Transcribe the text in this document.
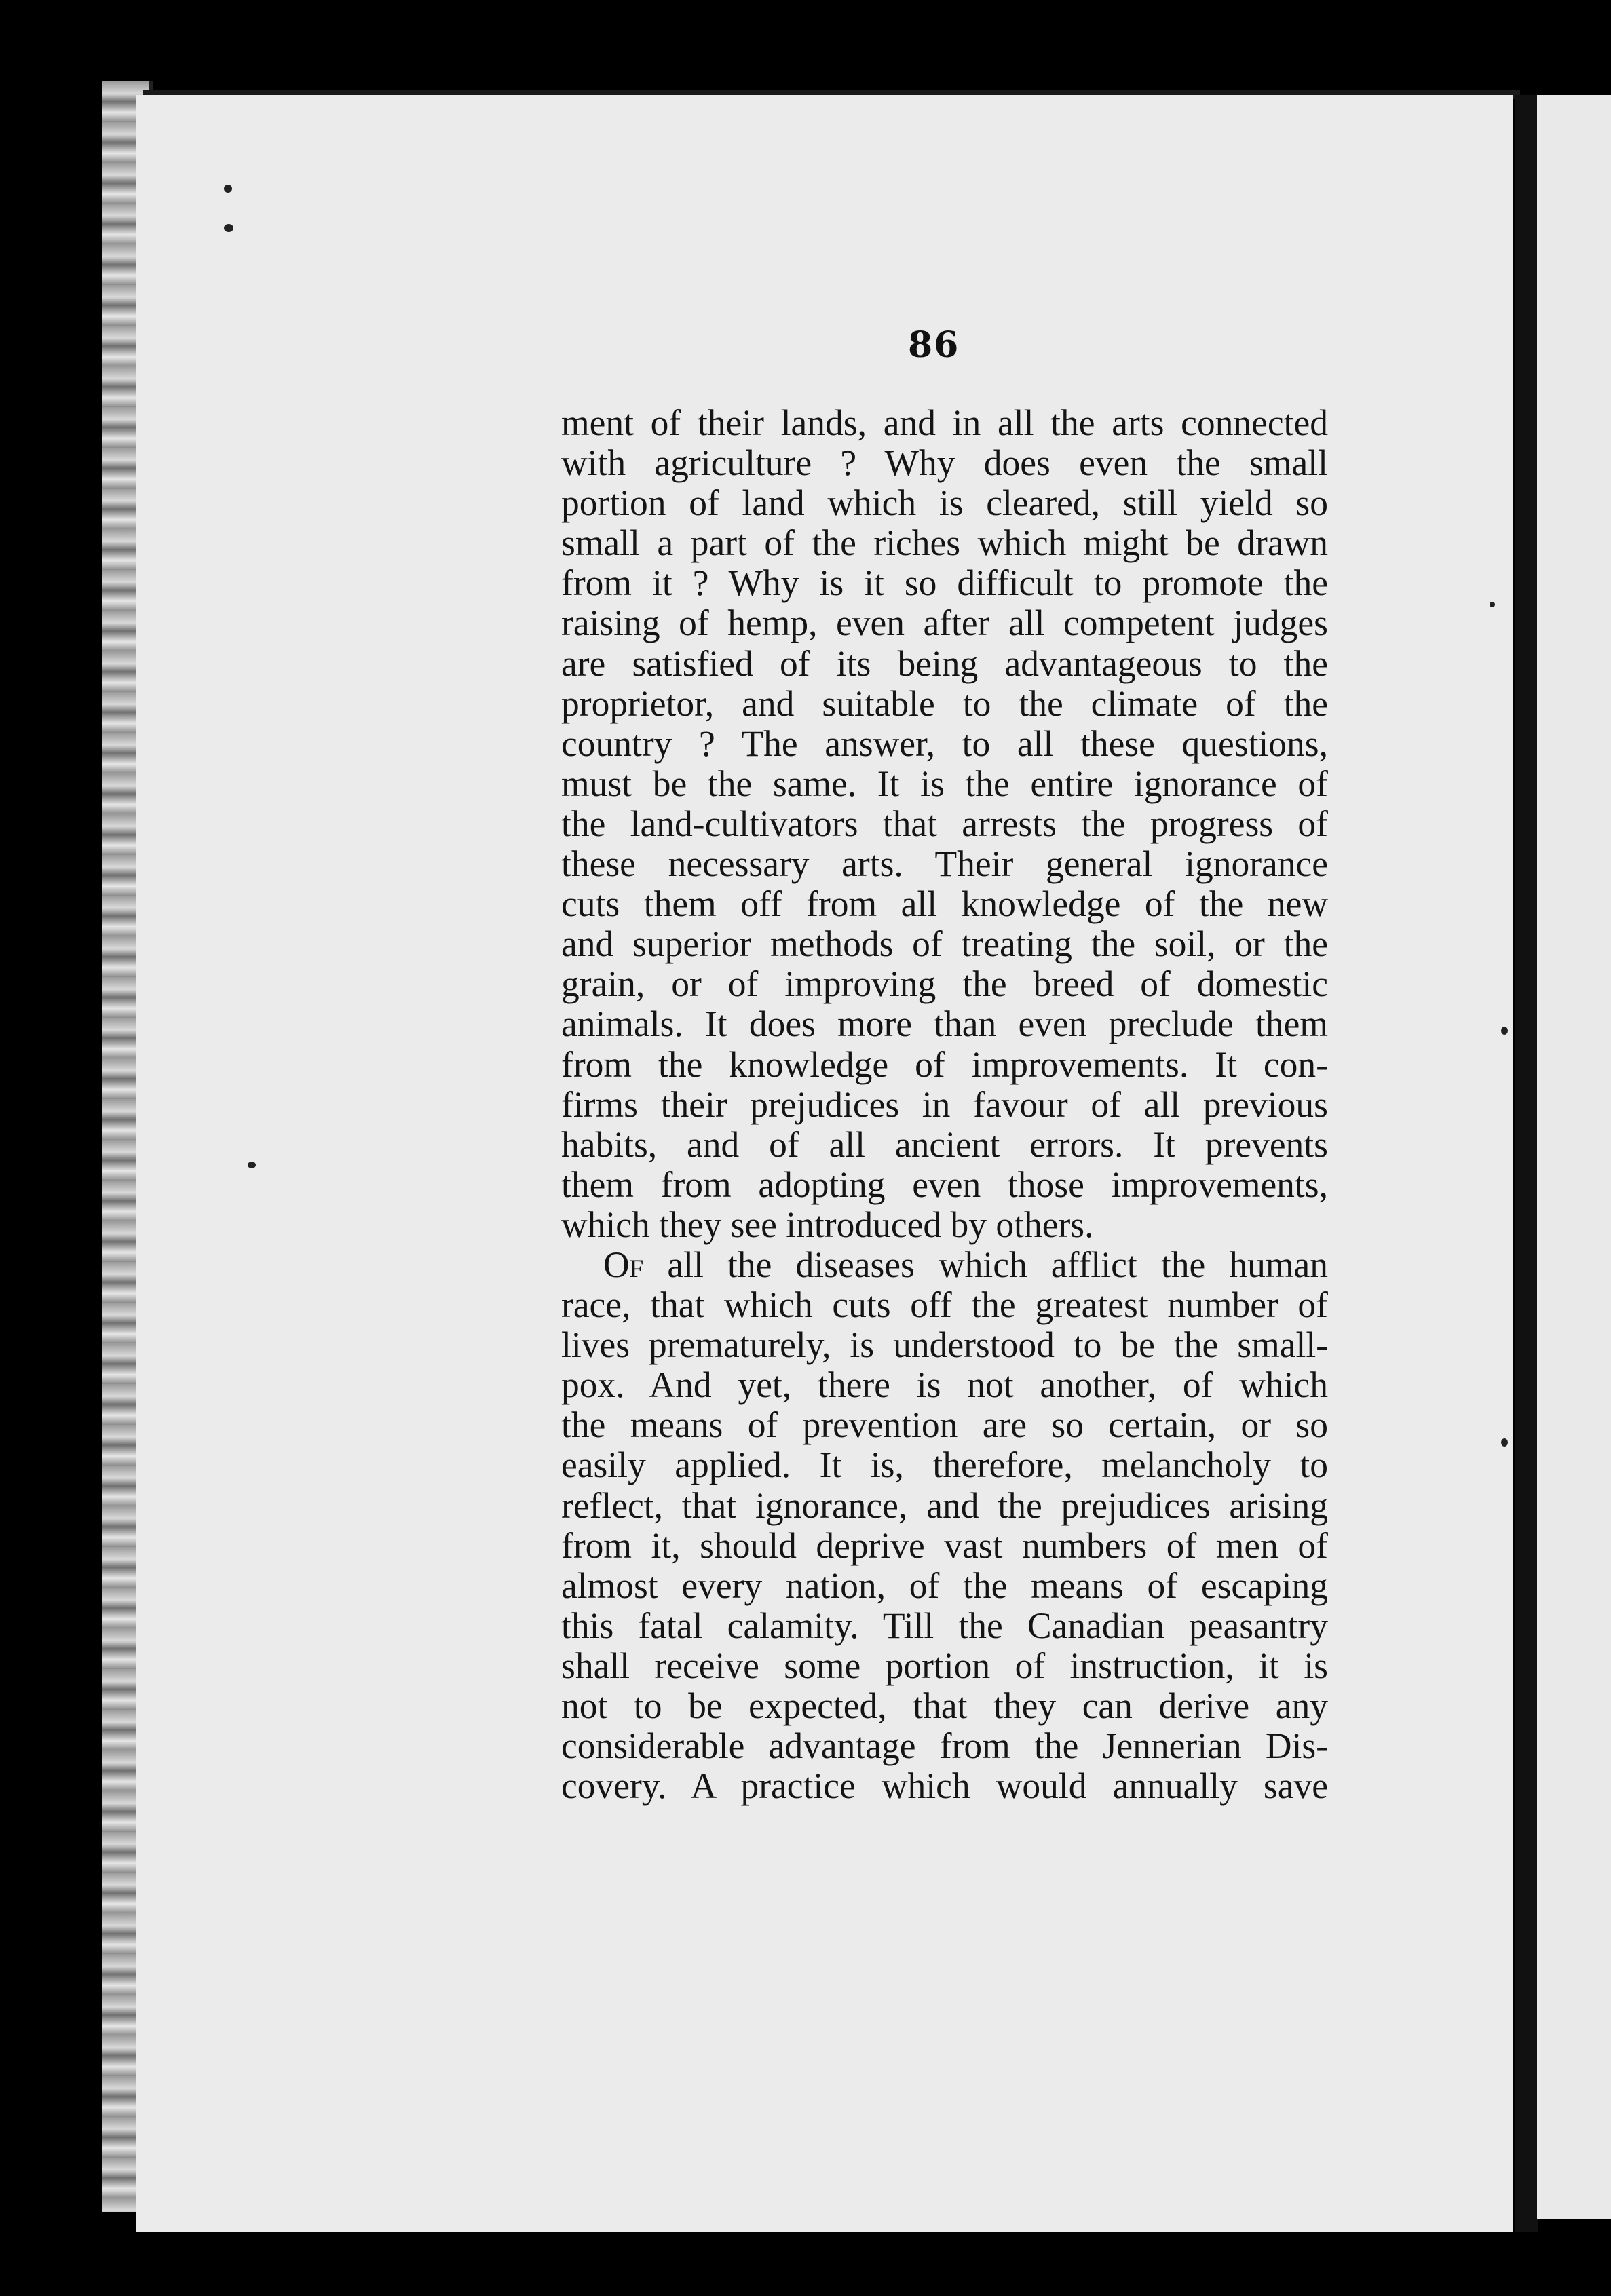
86
ment of their lands, and in all the arts connected
with agriculture ? Why does even the small
portion of land which is cleared, still yield so
small a part of the riches which might be drawn
from it ? Why is it so difficult to promote the
raising of hemp, even after all competent judges
are satisfied of its being advantageous to the
proprietor, and suitable to the climate of the
country ? The answer, to all these questions,
must be the same. It is the entire ignorance of
the land-cultivators that arrests the progress of
these necessary arts. Their general ignorance
cuts them off from all knowledge of the new
and superior methods of treating the soil, or the
grain, or of improving the breed of domestic
animals. It does more than even preclude them
from the knowledge of improvements. It con-
firms their prejudices in favour of all previous
habits, and of all ancient errors. It prevents
them from adopting even those improvements,
which they see introduced by others.
Of all the diseases which afflict the human
race, that which cuts off the greatest number of
lives prematurely, is understood to be the small-
pox. And yet, there is not another, of which
the means of prevention are so certain, or so
easily applied. It is, therefore, melancholy to
reflect, that ignorance, and the prejudices arising
from it, should deprive vast numbers of men of
almost every nation, of the means of escaping
this fatal calamity. Till the Canadian peasantry
shall receive some portion of instruction, it is
not to be expected, that they can derive any
considerable advantage from the Jennerian Dis-
covery. A practice which would annually save
